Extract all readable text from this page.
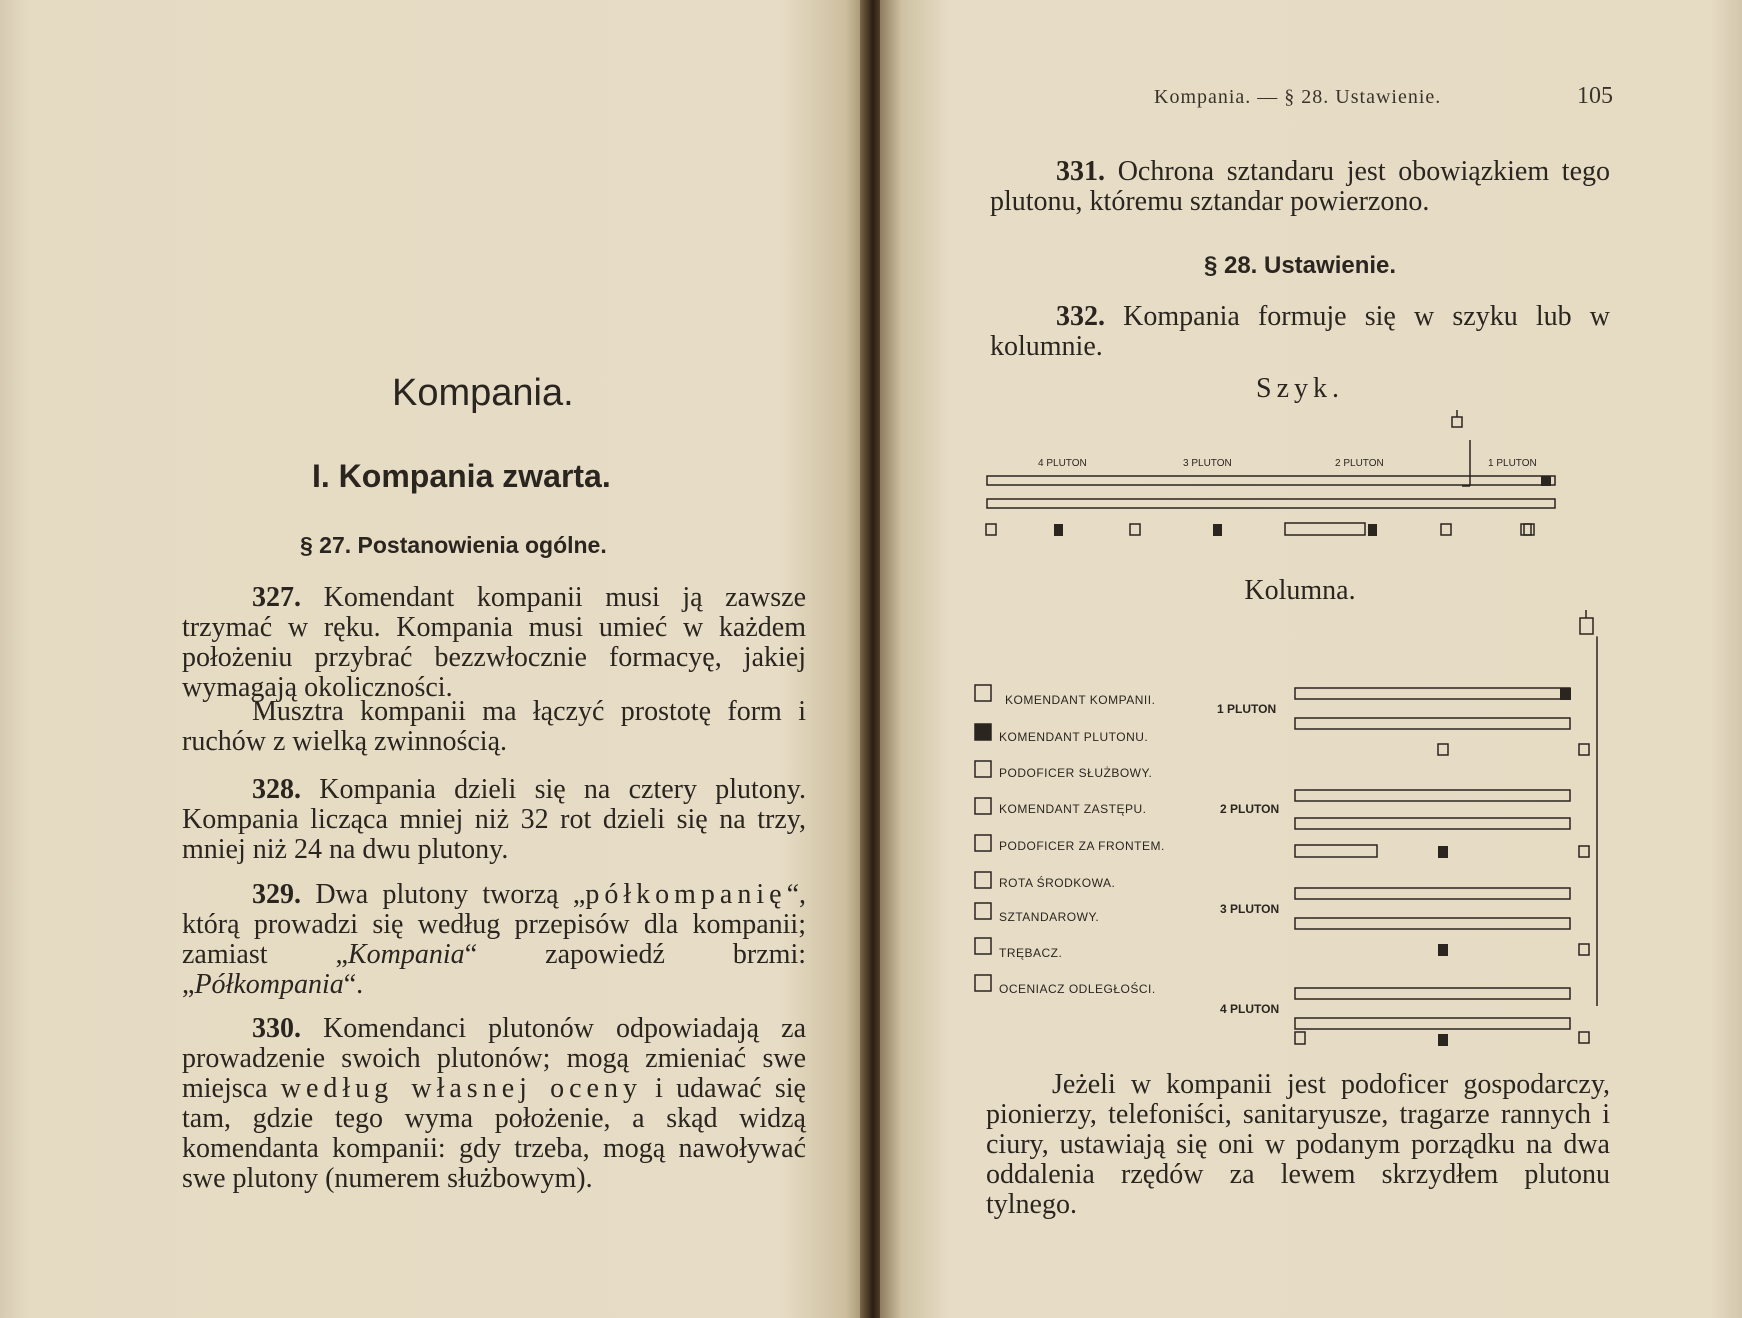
Kompania.
I. Kompania zwarta.
§ 27. Postanowienia ogólne.
327. Komendant kompanii musi ją zawsze trzymać w ręku. Kompania musi umieć w każdem położeniu przybrać bezzwłocznie formacyę, jakiej wymagają okoliczności.
Musztra kompanii ma łączyć prostotę form i ruchów z wielką zwinnością.
328. Kompania dzieli się na cztery plutony. Kompania licząca mniej niż 32 rot dzieli się na trzy, mniej niż 24 na dwu plutony.
329. Dwa plutony tworzą „półkompanię“, którą prowadzi się według przepisów dla kompanii; zamiast „Kompania“ zapowiedź brzmi: „Półkompania“.
330. Komendanci plutonów odpowiadają za prowadzenie swoich plutonów; mogą zmieniać swe miejsca według własnej oceny i udawać się tam, gdzie tego wyma położenie, a skąd widzą komendanta kompanii: gdy trzeba, mogą nawoływać swe plutony (numerem służbowym).
Kompania. — § 28. Ustawienie.	105
331. Ochrona sztandaru jest obowiązkiem tego plutonu, któremu sztandar powierzono.
§ 28. Ustawienie.
332. Kompania formuje się w szyku lub w kolumnie.
Szyk.
4 PLUTON	3 PLUTON	2 PLUTON	1 PLUTON
Kolumna.
KOMENDANT KOMPANII.
KOMENDANT PLUTONU.
PODOFICER SŁUŻBOWY.
KOMENDANT ZASTĘPU.
PODOFICER ZA FRONTEM.
ROTA ŚRODKOWA.
SZTANDAROWY.
TRĘBACZ.
OCENIACZ ODLEGŁOŚCI.
1 PLUTON
2 PLUTON
3 PLUTON
4 PLUTON
Jeżeli w kompanii jest podoficer gospodarczy, pionierzy, telefoniści, sanitaryusze, tragarze rannych i ciury, ustawiają się oni w podanym porządku na dwa oddalenia rzędów za lewem skrzydłem plutonu tylnego.
